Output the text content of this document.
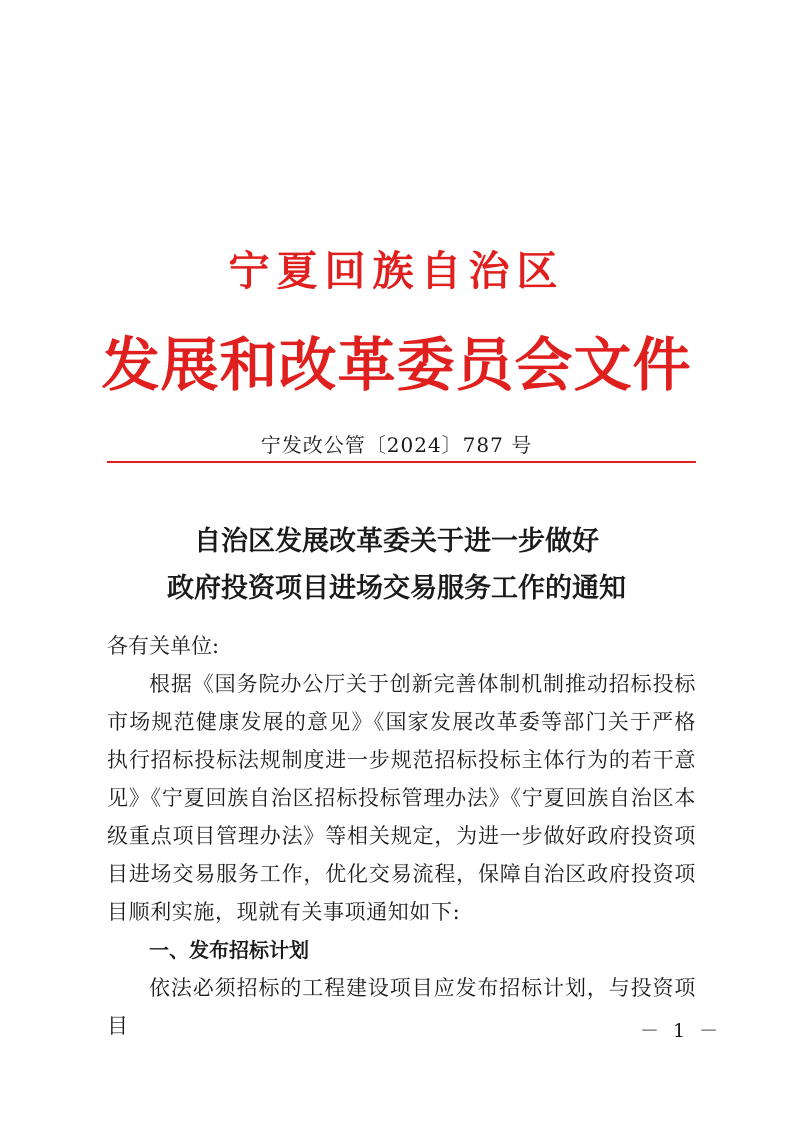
宁夏回族自治区
发展和改革委员会文件
宁发改公管〔2024〕787 号
自治区发展改革委关于进一步做好
政府投资项目进场交易服务工作的通知

各有关单位:

根据《国务院办公厅关于创新完善体制机制推动招标投标市场规范健康发展的意见》《国家发展改革委等部门关于严格执行招标投标法规制度进一步规范招标投标主体行为的若干意见》《宁夏回族自治区招标投标管理办法》《宁夏回族自治区本级重点项目管理办法》等相关规定，为进一步做好政府投资项目进场交易服务工作，优化交易流程，保障自治区政府投资项目顺利实施，现就有关事项通知如下:

一、发布招标计划

依法必须招标的工程建设项目应发布招标计划，与投资项目	－ 1 －
